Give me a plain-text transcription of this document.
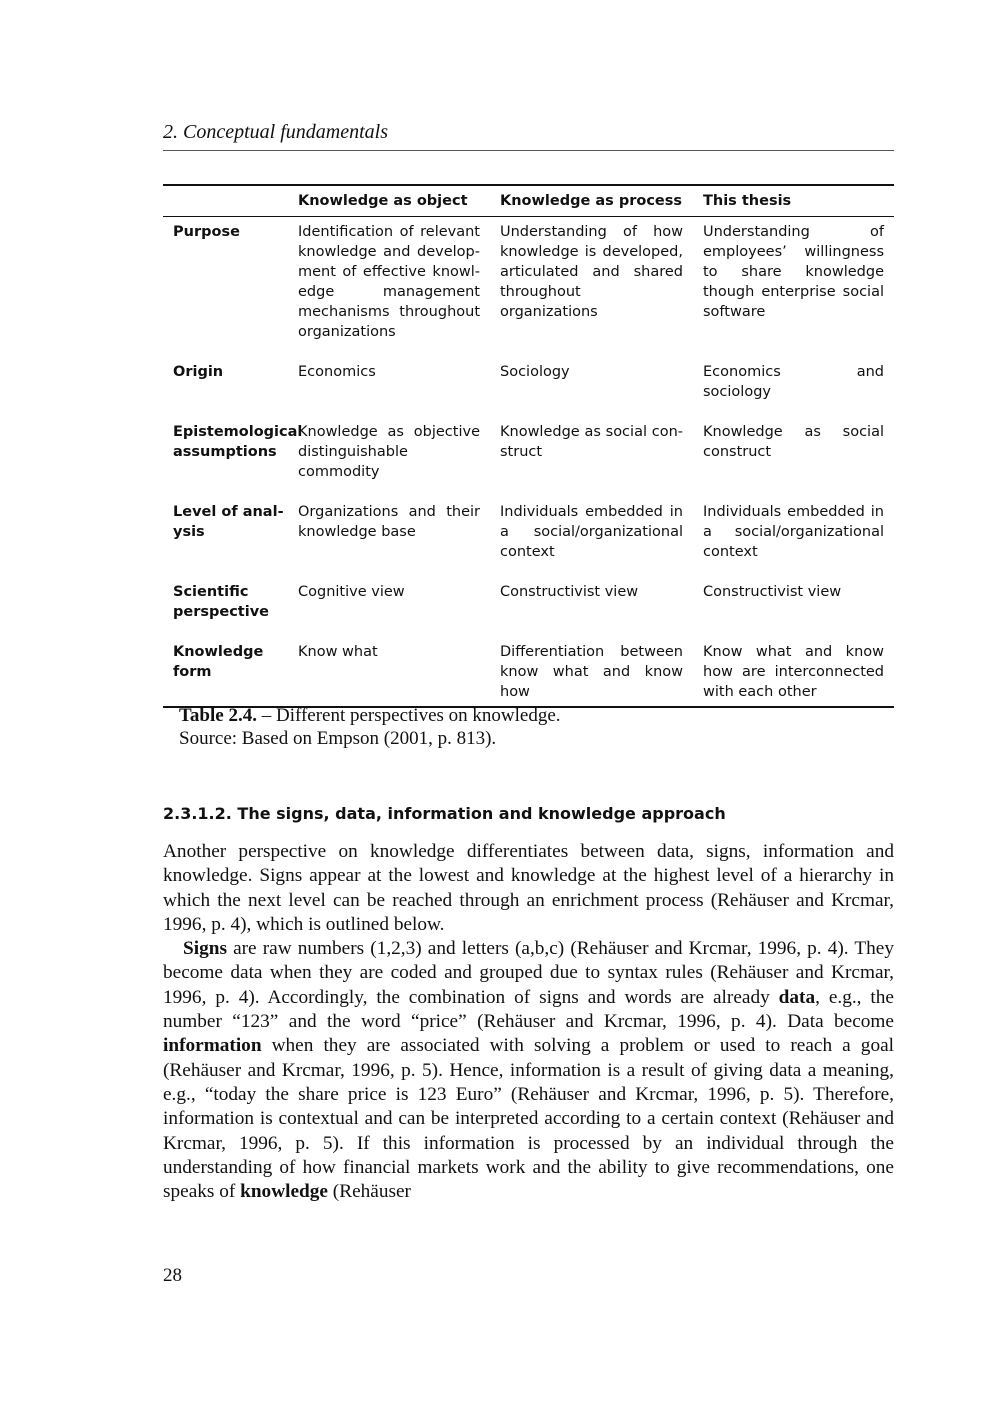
2. Conceptual fundamentals
	Knowledge as object	Knowledge as process	This thesis
Purpose	Identification of relevant knowledge and development of effective knowledge management mechanisms throughout organizations	Understanding of how knowledge is developed, articulated and shared throughout organizations	Understanding of employees’ willingness to share knowledge though enterprise social software
Origin	Economics	Sociology	Economics and sociology
Epistemological assumptions	Knowledge as objective distinguishable commodity	Knowledge as social construct	Knowledge as social construct
Level of analysis	Organizations and their knowledge base	Individuals embedded in a social/organizational context	Individuals embedded in a social/organizational context
Scientific perspective	Cognitive view	Constructivist view	Constructivist view
Knowledge form	Know what	Differentiation between know what and know how	Know what and know how are interconnected with each other
Table 2.4. – Different perspectives on knowledge.
Source: Based on Empson (2001, p. 813).
2.3.1.2. The signs, data, information and knowledge approach

Another perspective on knowledge differentiates between data, signs, information and knowledge. Signs appear at the lowest and knowledge at the highest level of a hierarchy in which the next level can be reached through an enrichment process (Rehäuser and Krcmar, 1996, p. 4), which is outlined below.

Signs are raw numbers (1,2,3) and letters (a,b,c) (Rehäuser and Krcmar, 1996, p. 4). They become data when they are coded and grouped due to syntax rules (Rehäuser and Krcmar, 1996, p. 4). Accordingly, the combination of signs and words are already data, e.g., the number “123” and the word “price” (Rehäuser and Krcmar, 1996, p. 4). Data become information when they are associated with solving a problem or used to reach a goal (Rehäuser and Krcmar, 1996, p. 5). Hence, information is a result of giving data a meaning, e.g., “today the share price is 123 Euro” (Rehäuser and Krcmar, 1996, p. 5). Therefore, information is contextual and can be interpreted according to a certain context (Rehäuser and Krcmar, 1996, p. 5). If this information is processed by an individual through the understanding of how financial markets work and the ability to give recommendations, one speaks of knowledge (Rehäuser

28
